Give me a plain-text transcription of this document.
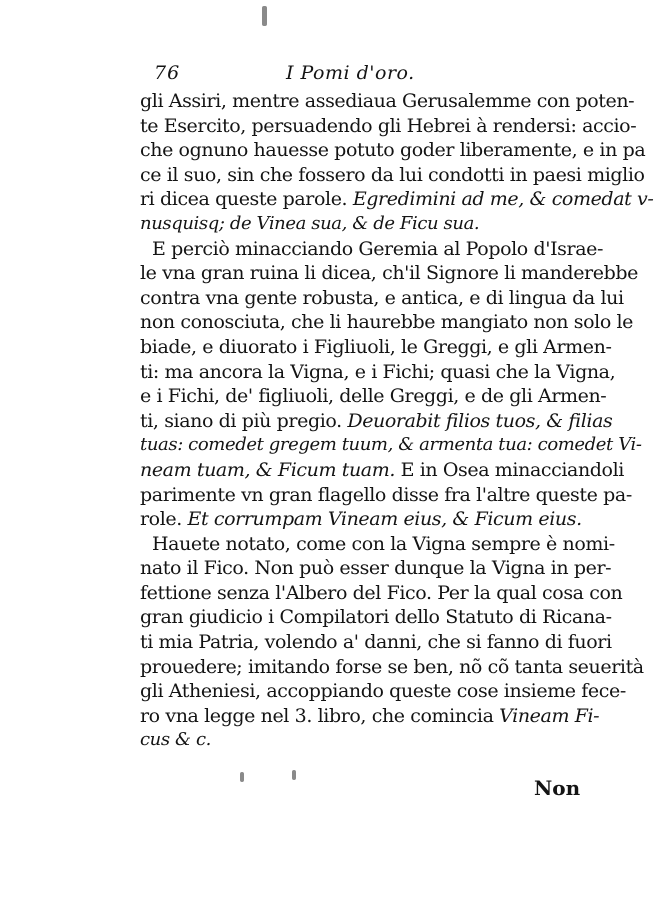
76	I Pomi d'oro.
gli Assiri, mentre assediaua Gerusalemme con poten-
te Esercito, persuadendo gli Hebrei à rendersi: accio-
che ognuno hauesse potuto goder liberamente, e in pa
ce il suo, sin che fossero da lui condotti in paesi miglio
ri dicea queste parole. Egredimini ad me, & comedat v-
nusquisq; de Vinea sua, & de Ficu sua.
E perciò minacciando Geremia al Popolo d'Israe-
le vna gran ruina li dicea, ch'il Signore li manderebbe
contra vna gente robusta, e antica, e di lingua da lui
non conosciuta, che li haurebbe mangiato non solo le
biade, e diuorato i Figliuoli, le Greggi, e gli Armen-
ti: ma ancora la Vigna, e i Fichi; quasi che la Vigna,
e i Fichi, de' figliuoli, delle Greggi, e de gli Armen-
ti, siano di più pregio. Deuorabit filios tuos, & filias
tuas: comedet gregem tuum, & armenta tua: comedet Vi-
neam tuam, & Ficum tuam. E in Osea minacciandoli
parimente vn gran flagello disse fra l'altre queste pa-
role. Et corrumpam Vineam eius, & Ficum eius.
Hauete notato, come con la Vigna sempre è nomi-
nato il Fico. Non può esser dunque la Vigna in per-
fettione senza l'Albero del Fico. Per la qual cosa con
gran giudicio i Compilatori dello Statuto di Ricana-
ti mia Patria, volendo a' danni, che si fanno di fuori
prouedere; imitando forse se ben, nõ cõ tanta seuerità
gli Atheniesi, accoppiando queste cose insieme fece-
ro vna legge nel 3. libro, che comincia Vineam Fi-
cus & c.
Non
